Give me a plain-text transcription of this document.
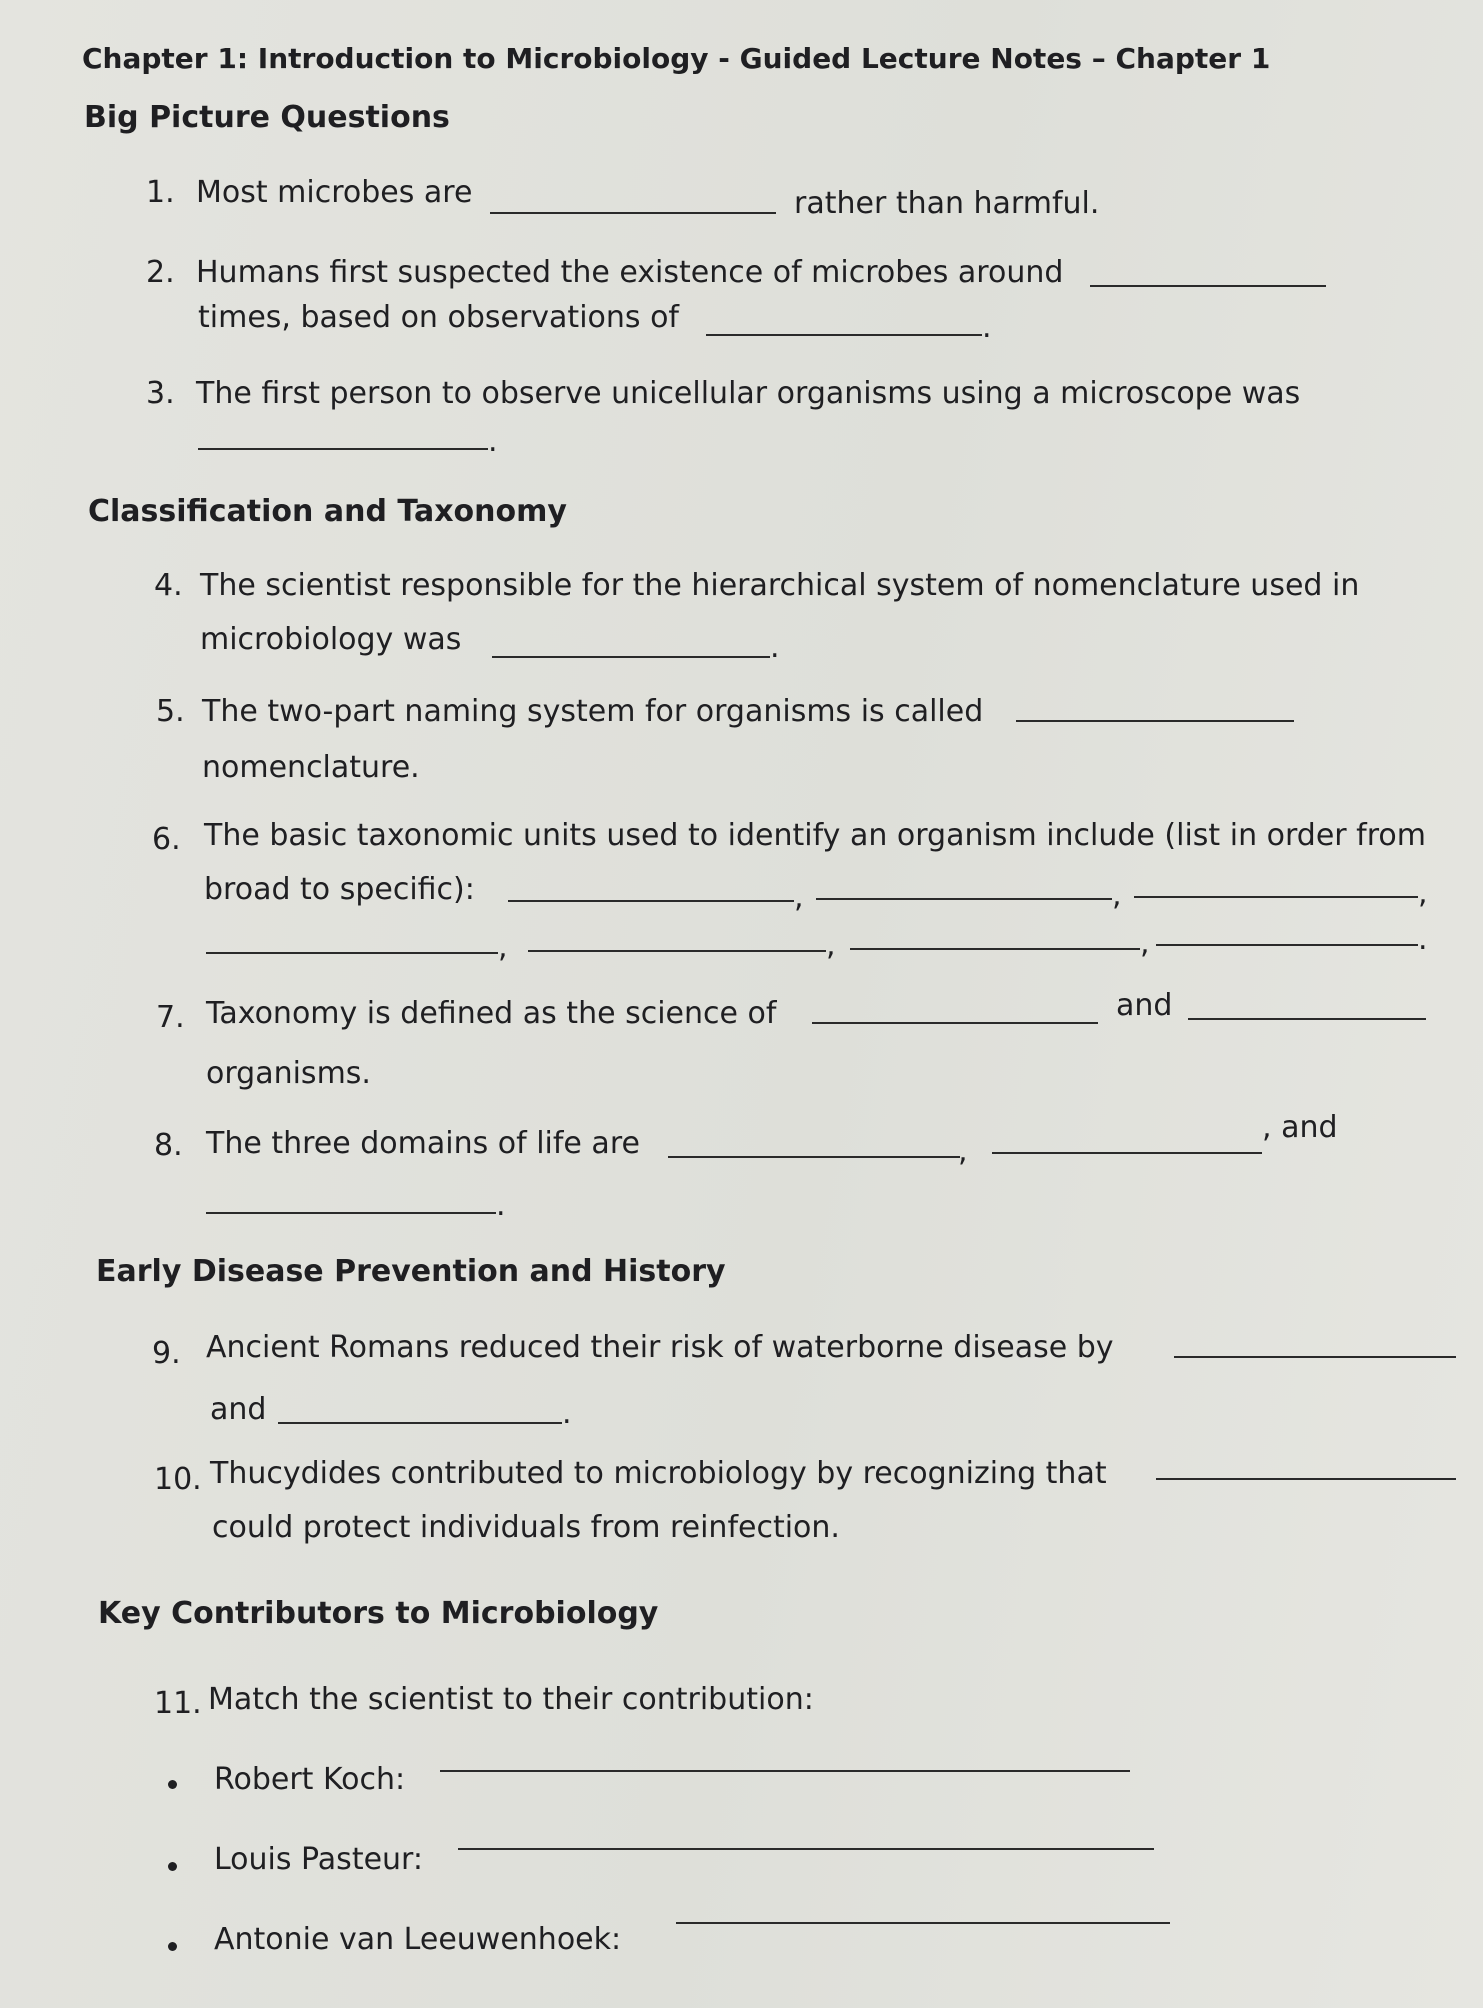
Chapter 1: Introduction to Microbiology - Guided Lecture Notes – Chapter 1
Big Picture Questions
1. Most microbes are	rather than harmful.
2. Humans first suspected the existence of microbes around
times, based on observations of	.
3. The first person to observe unicellular organisms using a microscope was
.
Classification and Taxonomy
4. The scientist responsible for the hierarchical system of nomenclature used in
microbiology was	.
5. The two-part naming system for organisms is called
nomenclature.
6. The basic taxonomic units used to identify an organism include (list in order from
broad to specific):	,	,	,
,	,	,	.
7. Taxonomy is defined as the science of	and
organisms.
8. The three domains of life are	,
, and
.
Early Disease Prevention and History
9. Ancient Romans reduced their risk of waterborne disease by
and	.
10. Thucydides contributed to microbiology by recognizing that
could protect individuals from reinfection.
Key Contributors to Microbiology
11. Match the scientist to their contribution:
Robert Koch:
Louis Pasteur:
Antonie van Leeuwenhoek:
